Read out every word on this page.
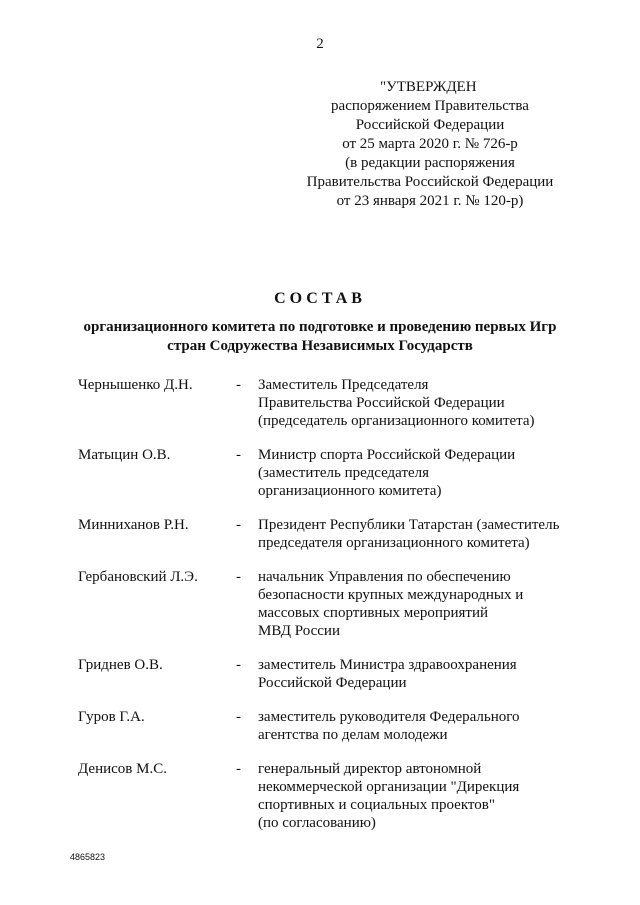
2
"УТВЕРЖДЕН
распоряжением Правительства
Российской Федерации
от 25 марта 2020 г. № 726-р
(в редакции распоряжения
Правительства Российской Федерации
от 23 января 2021 г. № 120-р)
СОСТАВ
организационного комитета по подготовке и проведению первых Игр
стран Содружества Независимых Государств
Чернышенко Д.Н.	-	Заместитель Председателя
Правительства Российской Федерации
(председатель организационного комитета)
Матыцин О.В.	-	Министр спорта Российской Федерации
(заместитель председателя
организационного комитета)
Минниханов Р.Н.	-	Президент Республики Татарстан (заместитель
председателя организационного комитета)
Гербановский Л.Э.	-	начальник Управления по обеспечению
безопасности крупных международных и
массовых спортивных мероприятий
МВД России
Гриднев О.В.	-	заместитель Министра здравоохранения
Российской Федерации
Гуров Г.А.	-	заместитель руководителя Федерального
агентства по делам молодежи
Денисов М.С.	-	генеральный директор автономной
некоммерческой организации "Дирекция
спортивных и социальных проектов"
(по согласованию)
4865823
